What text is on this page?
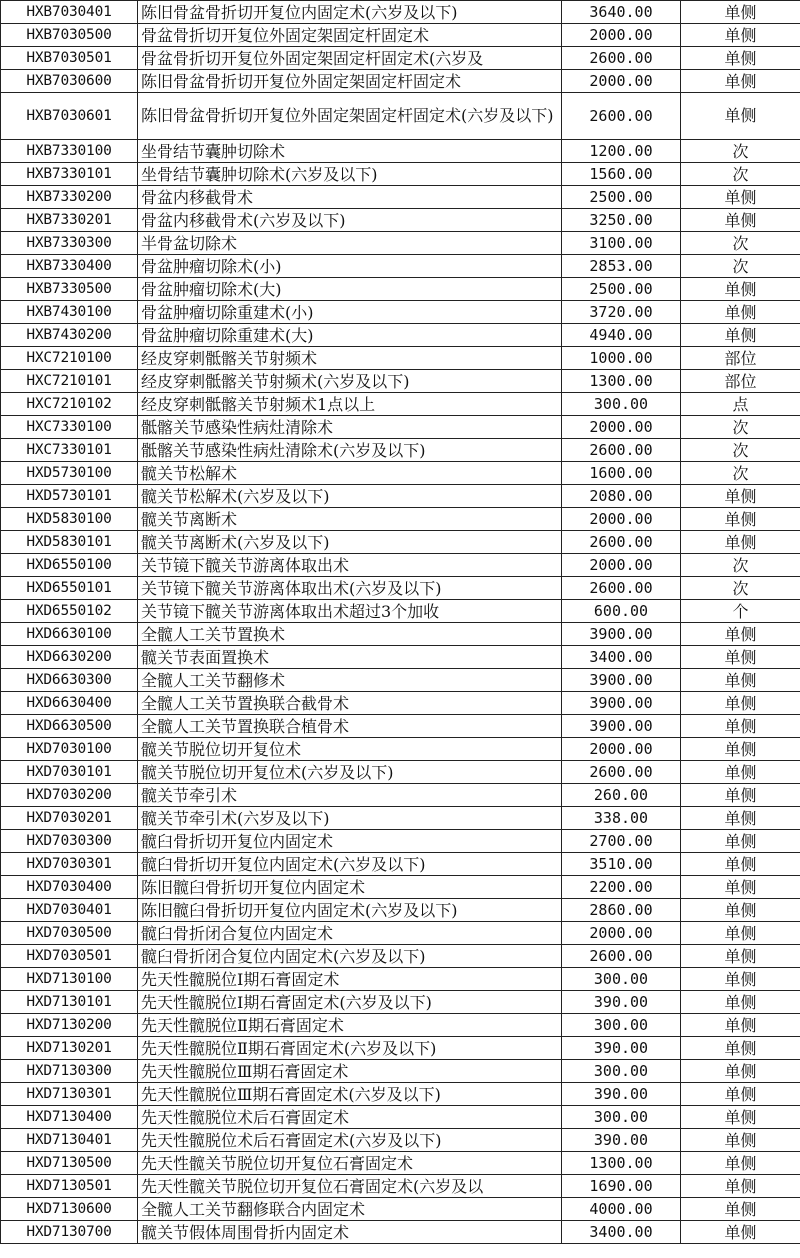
HXB7030401	陈旧骨盆骨折切开复位内固定术(六岁及以下)	3640.00	单侧
HXB7030500	骨盆骨折切开复位外固定架固定杆固定术	2000.00	单侧
HXB7030501	骨盆骨折切开复位外固定架固定杆固定术(六岁及	2600.00	单侧
HXB7030600	陈旧骨盆骨折切开复位外固定架固定杆固定术	2000.00	单侧
HXB7030601	陈旧骨盆骨折切开复位外固定架固定杆固定术(六岁及以下)	2600.00	单侧
HXB7330100	坐骨结节囊肿切除术	1200.00	次
HXB7330101	坐骨结节囊肿切除术(六岁及以下)	1560.00	次
HXB7330200	骨盆内移截骨术	2500.00	单侧
HXB7330201	骨盆内移截骨术(六岁及以下)	3250.00	单侧
HXB7330300	半骨盆切除术	3100.00	次
HXB7330400	骨盆肿瘤切除术(小)	2853.00	次
HXB7330500	骨盆肿瘤切除术(大)	2500.00	单侧
HXB7430100	骨盆肿瘤切除重建术(小)	3720.00	单侧
HXB7430200	骨盆肿瘤切除重建术(大)	4940.00	单侧
HXC7210100	经皮穿刺骶髂关节射频术	1000.00	部位
HXC7210101	经皮穿刺骶髂关节射频术(六岁及以下)	1300.00	部位
HXC7210102	经皮穿刺骶髂关节射频术1点以上	300.00	点
HXC7330100	骶髂关节感染性病灶清除术	2000.00	次
HXC7330101	骶髂关节感染性病灶清除术(六岁及以下)	2600.00	次
HXD5730100	髋关节松解术	1600.00	次
HXD5730101	髋关节松解术(六岁及以下)	2080.00	单侧
HXD5830100	髋关节离断术	2000.00	单侧
HXD5830101	髋关节离断术(六岁及以下)	2600.00	单侧
HXD6550100	关节镜下髋关节游离体取出术	2000.00	次
HXD6550101	关节镜下髋关节游离体取出术(六岁及以下)	2600.00	次
HXD6550102	关节镜下髋关节游离体取出术超过3个加收	600.00	个
HXD6630100	全髋人工关节置换术	3900.00	单侧
HXD6630200	髋关节表面置换术	3400.00	单侧
HXD6630300	全髋人工关节翻修术	3900.00	单侧
HXD6630400	全髋人工关节置换联合截骨术	3900.00	单侧
HXD6630500	全髋人工关节置换联合植骨术	3900.00	单侧
HXD7030100	髋关节脱位切开复位术	2000.00	单侧
HXD7030101	髋关节脱位切开复位术(六岁及以下)	2600.00	单侧
HXD7030200	髋关节牵引术	260.00	单侧
HXD7030201	髋关节牵引术(六岁及以下)	338.00	单侧
HXD7030300	髋臼骨折切开复位内固定术	2700.00	单侧
HXD7030301	髋臼骨折切开复位内固定术(六岁及以下)	3510.00	单侧
HXD7030400	陈旧髋臼骨折切开复位内固定术	2200.00	单侧
HXD7030401	陈旧髋臼骨折切开复位内固定术(六岁及以下)	2860.00	单侧
HXD7030500	髋臼骨折闭合复位内固定术	2000.00	单侧
HXD7030501	髋臼骨折闭合复位内固定术(六岁及以下)	2600.00	单侧
HXD7130100	先天性髋脱位Ⅰ期石膏固定术	300.00	单侧
HXD7130101	先天性髋脱位Ⅰ期石膏固定术(六岁及以下)	390.00	单侧
HXD7130200	先天性髋脱位Ⅱ期石膏固定术	300.00	单侧
HXD7130201	先天性髋脱位Ⅱ期石膏固定术(六岁及以下)	390.00	单侧
HXD7130300	先天性髋脱位Ⅲ期石膏固定术	300.00	单侧
HXD7130301	先天性髋脱位Ⅲ期石膏固定术(六岁及以下)	390.00	单侧
HXD7130400	先天性髋脱位术后石膏固定术	300.00	单侧
HXD7130401	先天性髋脱位术后石膏固定术(六岁及以下)	390.00	单侧
HXD7130500	先天性髋关节脱位切开复位石膏固定术	1300.00	单侧
HXD7130501	先天性髋关节脱位切开复位石膏固定术(六岁及以	1690.00	单侧
HXD7130600	全髋人工关节翻修联合内固定术	4000.00	单侧
HXD7130700	髋关节假体周围骨折内固定术	3400.00	单侧
